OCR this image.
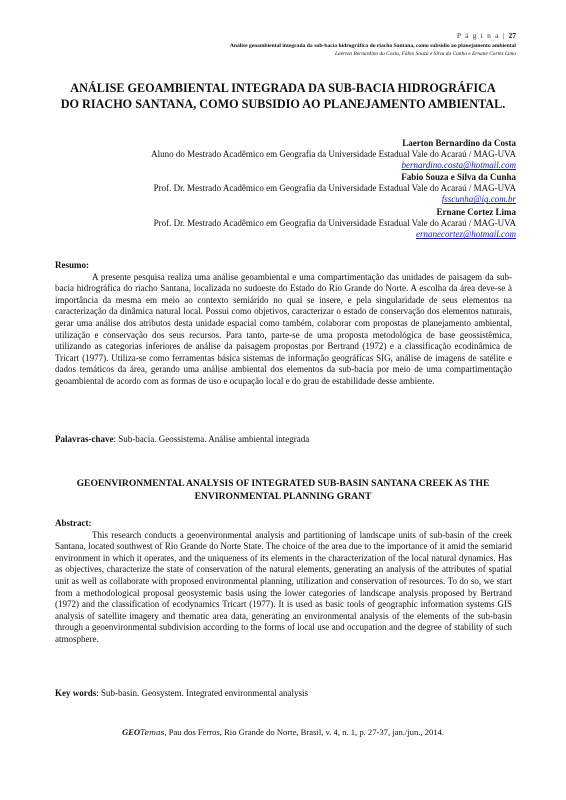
P á g i n a | 27
Análise geoambiental integrada da sub-bacia hidrográfica do riacho Santana, como subsídio ao planejamento ambiental
Laerton Bernardino da Costa, Fábio Souza e Silva da Cunha e Ernane Cortez Lima
ANÁLISE GEOAMBIENTAL INTEGRADA DA SUB-BACIA HIDROGRÁFICA DO RIACHO SANTANA, COMO SUBSIDIO AO PLANEJAMENTO AMBIENTAL.
Laerton Bernardino da Costa
Aluno do Mestrado Acadêmico em Geografia da Universidade Estadual Vale do Acaraú / MAG-UVA
bernardino.costa@hotmail.com
Fabio Souza e Silva da Cunha
Prof. Dr. Mestrado Acadêmico em Geografia da Universidade Estadual Vale do Acaraú / MAG-UVA
fsscunha@ig.com.br
Ernane Cortez Lima
Prof. Dr. Mestrado Acadêmico em Geografia da Universidade Estadual Vale do Acaraú / MAG-UVA
ernanecortez@hotmail.com
Resumo:

A presente pesquisa realiza uma análise geoambiental e uma compartimentação das unidades de paisagem da sub-bacia hidrográfica do riacho Santana, localizada no sudoeste do Estado do Rio Grande do Norte. A escolha da área deve-se à importância da mesma em meio ao contexto semiárido no qual se insere, e pela singularidade de seus elementos na caracterização da dinâmica natural local. Possui como objetivos, caracterizar o estado de conservação dos elementos naturais, gerar uma análise dos atributos desta unidade espacial como também, colaborar com propostas de planejamento ambiental, utilização e conservação dos seus recursos. Para tanto, parte-se de uma proposta metodológica de base geossistêmica, utilizando as categorias inferiores de análise da paisagem propostas por Bertrand (1972) e a classificação ecodinâmica de Tricart (1977). Utiliza-se como ferramentas básica sistemas de informação geográficas SIG, análise de imagens de satélite e dados temáticos da área, gerando uma análise ambiental dos elementos da sub-bacia por meio de uma compartimentação geoambiental de acordo com as formas de uso e ocupação local e do grau de estabilidade desse ambiente.

Palavras-chave: Sub-bacia. Geossistema. Análise ambiental integrada
GEOENVIRONMENTAL ANALYSIS OF INTEGRATED SUB-BASIN SANTANA CREEK AS THE ENVIRONMENTAL PLANNING GRANT
Abstract:

This research conducts a geoenvironmental analysis and partitioning of landscape units of sub-basin of the creek Santana, located southwest of Rio Grande do Norte State. The choice of the area due to the importance of it amid the semiarid environment in which it operates, and the uniqueness of its elements in the characterization of the local natural dynamics. Has as objectives, characterize the state of conservation of the natural elements, generating an analysis of the attributes of spatial unit as well as collaborate with proposed environmental planning, utilization and conservation of resources. To do so, we start from a methodological proposal geosystemic basis using the lower categories of landscape analysis proposed by Bertrand (1972) and the classification of ecodynamics Tricart (1977). It is used as basic tools of geographic information systems GIS analysis of satellite imagery and thematic area data, generating an environmental analysis of the elements of the sub-basin through a geoenvironmental subdivision according to the forms of local use and occupation and the degree of stability of such atmosphere.

Key words: Sub-basin. Geosystem. Integrated environmental analysis
GEOTemas, Pau dos Ferros, Rio Grande do Norte, Brasil, v. 4, n. 1, p. 27-37, jan./jun., 2014.
